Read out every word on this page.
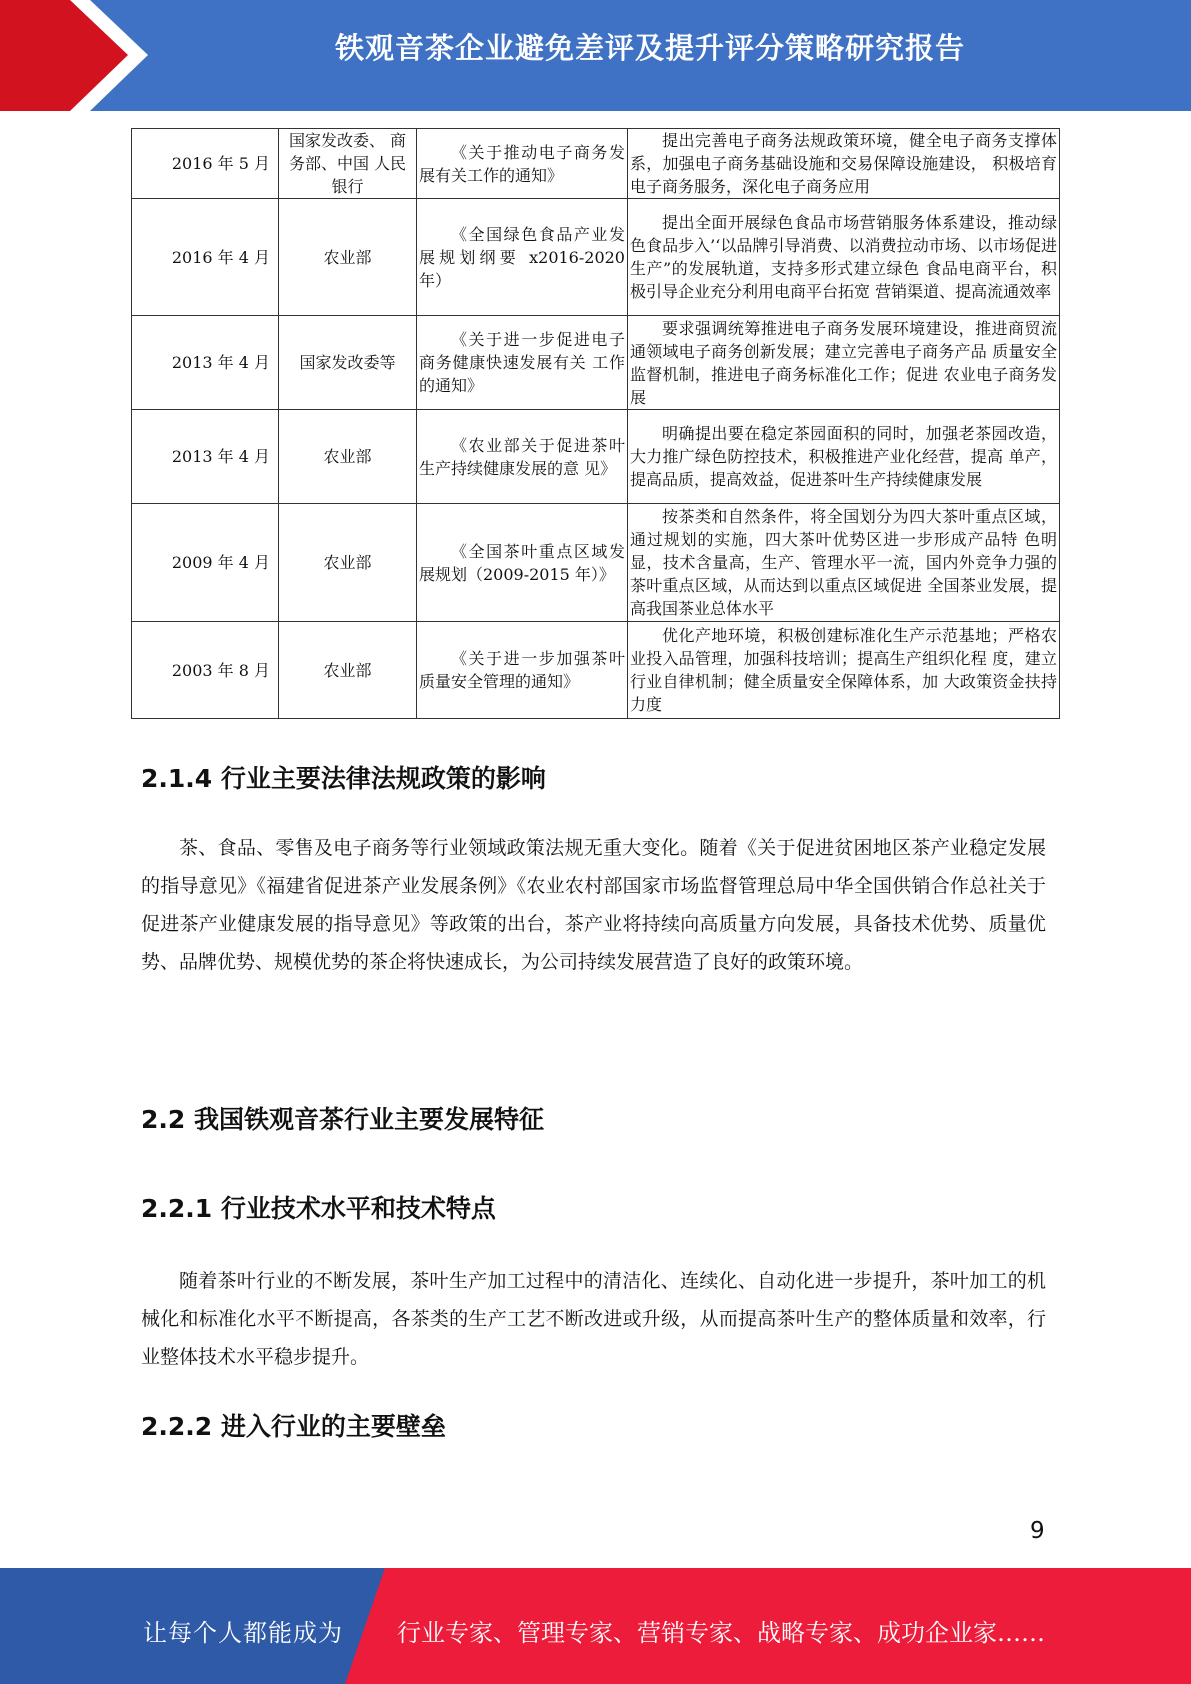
铁观音茶企业避免差评及提升评分策略研究报告
2016 年 5 月	国家发改委、 商务部、中国 人民银行	《关于推动电子商务发 展有关工作的通知》	提出完善电子商务法规政策环境，健全电子商务支撑体系，加强电子商务基础设施和交易保障设施建设， 积极培育电子商务服务，深化电子商务应用
2016 年 4 月	农业部	《全国绿色食品产业发 展规划纲要 x2016-2020 年）	提出全面开展绿色食品市场营销服务体系建设，推动绿色食品步入’‘以品牌引导消费、以消费拉动市场、以市场促进生产”的发展轨道，支持多形式建立绿色 食品电商平台，积极引导企业充分利用电商平台拓宽 营销渠道、提高流通效率
2013 年 4 月	国家发改委等	《关于进一步促进电子 商务健康快速发展有关 工作的通知》	要求强调统筹推进电子商务发展环境建设，推进商贸流通领域电子商务创新发展；建立完善电子商务产品 质量安全监督机制，推进电子商务标准化工作；促进 农业电子商务发展
2013 年 4 月	农业部	《农业部关于促进茶叶 生产持续健康发展的意 见》	明确提出要在稳定茶园面积的同时，加强老茶园改造， 大力推广绿色防控技术，积极推进产业化经营，提高 单产，提高品质，提高效益，促进茶叶生产持续健康发展
2009 年 4 月	农业部	《全国茶叶重点区域发 展规划（2009-2015 年）》	按茶类和自然条件，将全国划分为四大茶叶重点区域， 通过规划的实施，四大茶叶优势区进一步形成产品特 色明显，技术含量高，生产、管理水平一流，国内外竞争力强的茶叶重点区域，从而达到以重点区域促进 全国茶业发展，提高我国茶业总体水平
2003 年 8 月	农业部	《关于进一步加强茶叶 质量安全管理的通知》	优化产地环境，积极创建标准化生产示范基地；严格农业投入品管理，加强科技培训；提高生产组织化程 度，建立行业自律机制；健全质量安全保障体系，加 大政策资金扶持力度
2.1.4 行业主要法律法规政策的影响

茶、食品、零售及电子商务等行业领域政策法规无重大变化。随着《关于促进贫困地区茶产业稳定发展的指导意见》《福建省促进茶产业发展条例》《农业农村部国家市场监督管理总局中华全国供销合作总社关于促进茶产业健康发展的指导意见》等政策的出台，茶产业将持续向高质量方向发展，具备技术优势、质量优势、品牌优势、规模优势的茶企将快速成长，为公司持续发展营造了良好的政策环境。

2.2 我国铁观音茶行业主要发展特征
2.2.1 行业技术水平和技术特点

随着茶叶行业的不断发展，茶叶生产加工过程中的清洁化、连续化、自动化进一步提升，茶叶加工的机械化和标准化水平不断提高，各茶类的生产工艺不断改进或升级，从而提高茶叶生产的整体质量和效率，行业整体技术水平稳步提升。

2.2.2 进入行业的主要壁垒
9
让每个人都能成为 行业专家、管理专家、营销专家、战略专家、成功企业家……
